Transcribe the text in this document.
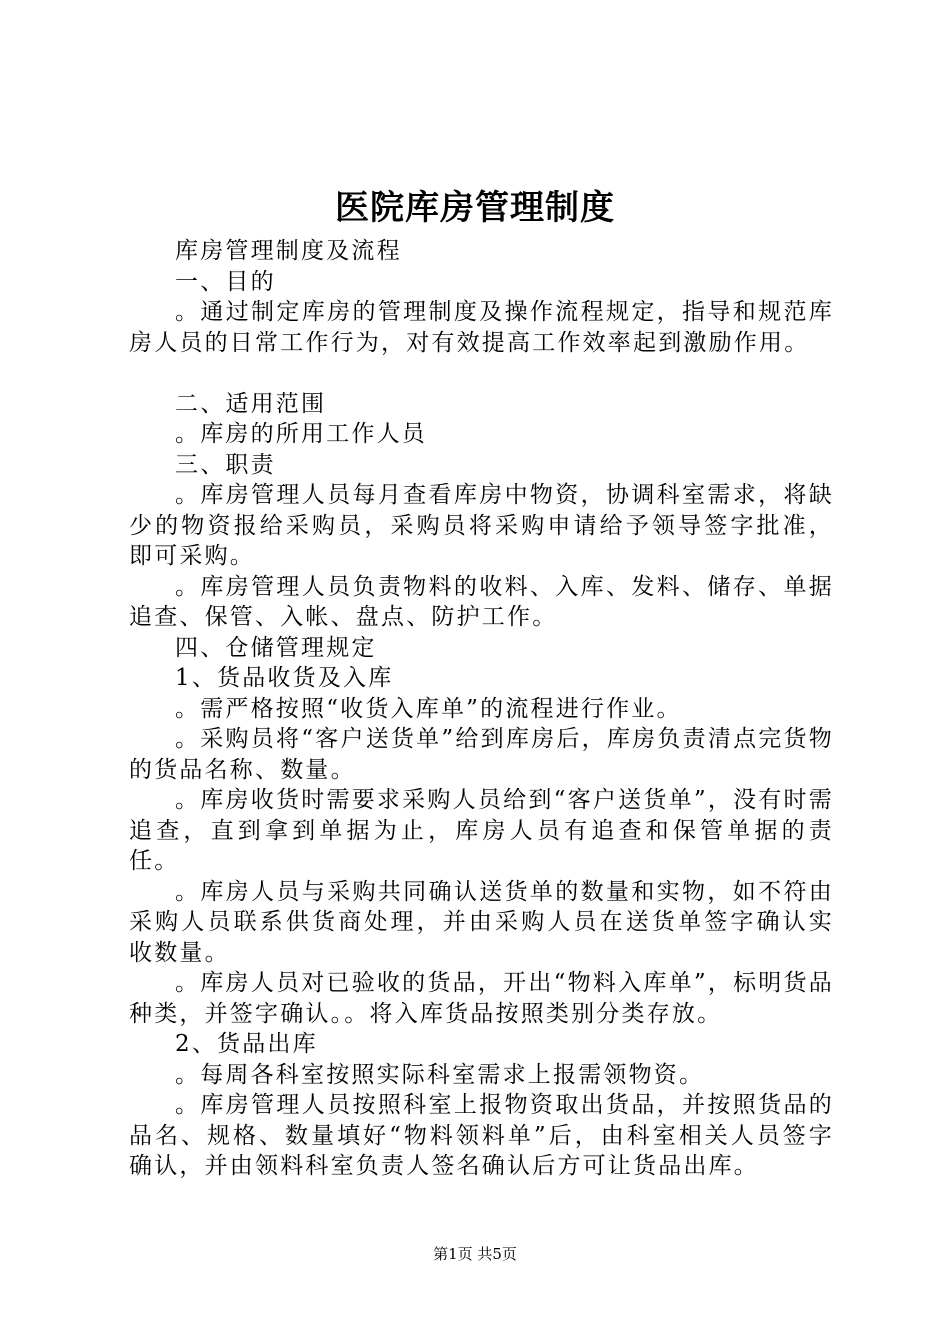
医院库房管理制度

库房管理制度及流程

一、目的

。通过制定库房的管理制度及操作流程规定，指导和规范库房人员的日常工作行为，对有效提高工作效率起到激励作用。

二、适用范围

。库房的所用工作人员

三、职责

。库房管理人员每月查看库房中物资，协调科室需求，将缺少的物资报给采购员，采购员将采购申请给予领导签字批准，即可采购。

。库房管理人员负责物料的收料、入库、发料、储存、单据追查、保管、入帐、盘点、防护工作。

四、仓储管理规定

1、货品收货及入库

。需严格按照“收货入库单”的流程进行作业。

。采购员将“客户送货单”给到库房后，库房负责清点完货物的货品名称、数量。

。库房收货时需要求采购人员给到“客户送货单”，没有时需追查，直到拿到单据为止，库房人员有追查和保管单据的责任。

。库房人员与采购共同确认送货单的数量和实物，如不符由采购人员联系供货商处理，并由采购人员在送货单签字确认实收数量。

。库房人员对已验收的货品，开出“物料入库单”，标明货品种类，并签字确认。。将入库货品按照类别分类存放。

2、货品出库

。每周各科室按照实际科室需求上报需领物资。

。库房管理人员按照科室上报物资取出货品，并按照货品的品名、规格、数量填好“物料领料单”后，由科室相关人员签字确认，并由领料科室负责人签名确认后方可让货品出库。

第1页 共5页
